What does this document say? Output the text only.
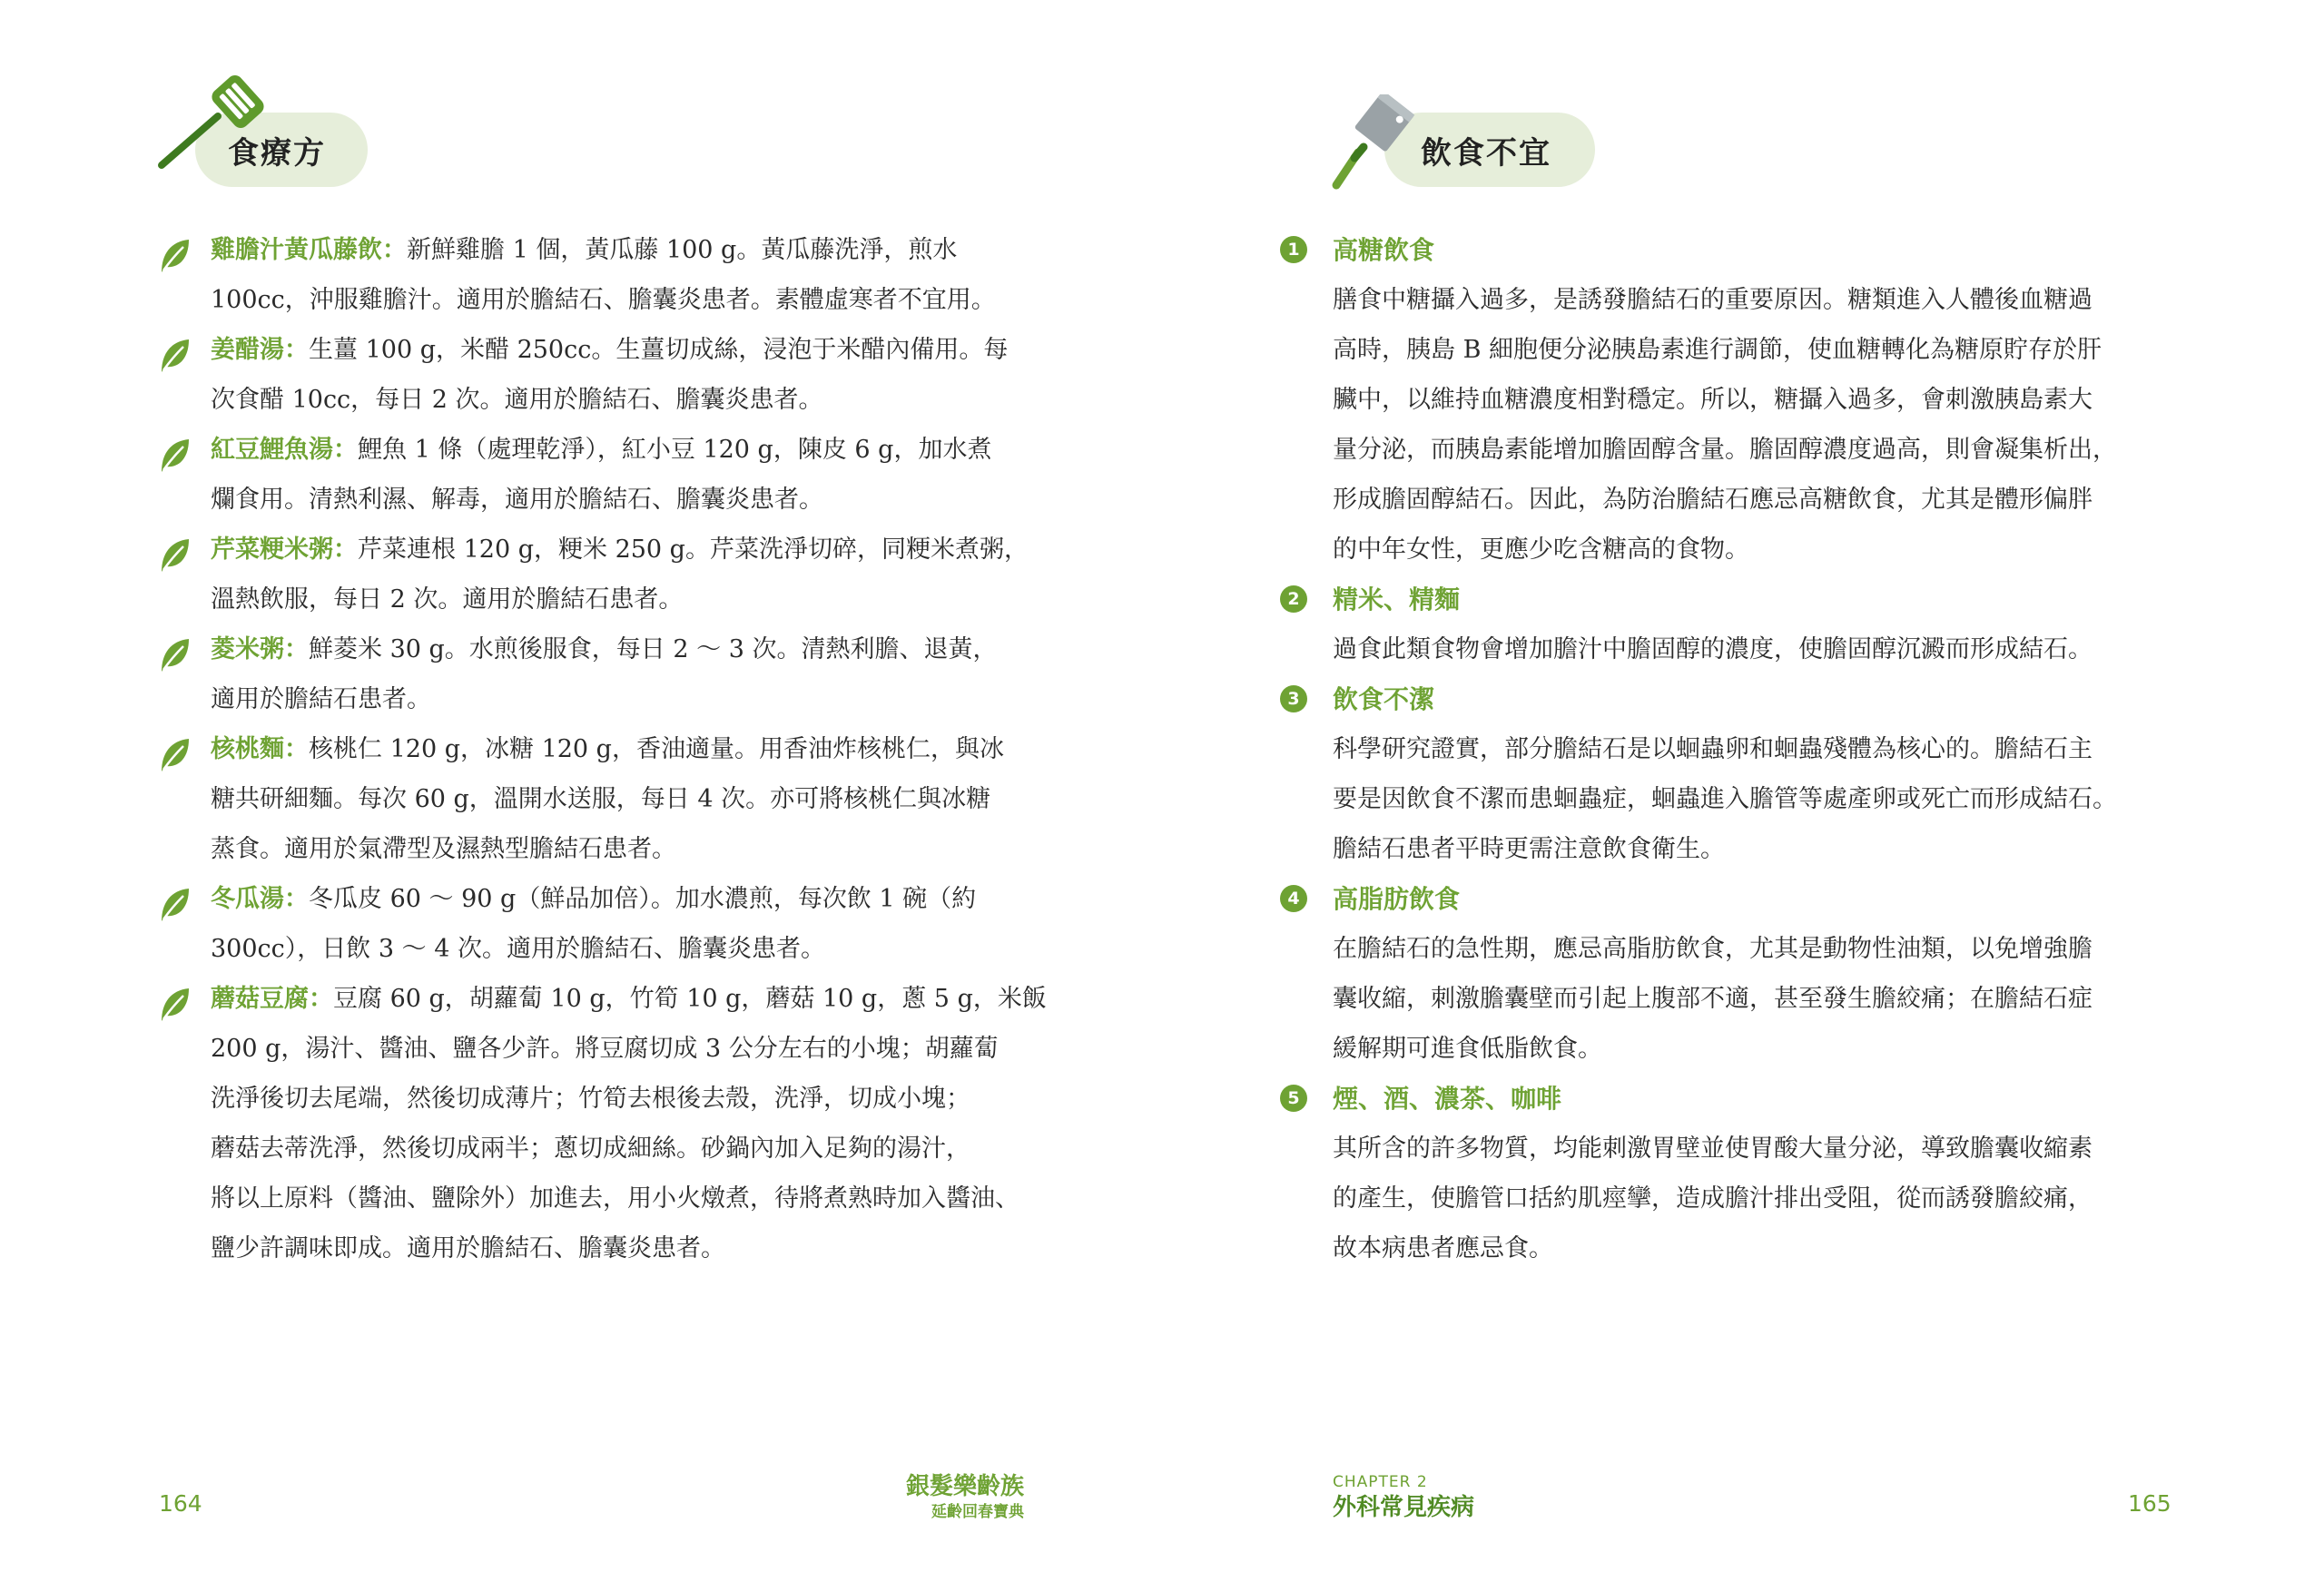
食療方
雞膽汁黃瓜藤飲：新鮮雞膽 1 個，黃瓜藤 100 g。黃瓜藤洗淨，煎水
100cc，沖服雞膽汁。適用於膽結石、膽囊炎患者。素體虛寒者不宜用。
姜醋湯：生薑 100 g，米醋 250cc。生薑切成絲，浸泡于米醋內備用。每
次食醋 10cc，每日 2 次。適用於膽結石、膽囊炎患者。
紅豆鯉魚湯：鯉魚 1 條（處理乾淨），紅小豆 120 g，陳皮 6 g，加水煮
爛食用。清熱利濕、解毒，適用於膽結石、膽囊炎患者。
芹菜粳米粥：芹菜連根 120 g，粳米 250 g。芹菜洗淨切碎，同粳米煮粥，
溫熱飲服，每日 2 次。適用於膽結石患者。
菱米粥：鮮菱米 30 g。水煎後服食，每日 2 ～ 3 次。清熱利膽、退黃，
適用於膽結石患者。
核桃麵：核桃仁 120 g，冰糖 120 g，香油適量。用香油炸核桃仁，與冰
糖共研細麵。每次 60 g，溫開水送服，每日 4 次。亦可將核桃仁與冰糖
蒸食。適用於氣滯型及濕熱型膽結石患者。
冬瓜湯：冬瓜皮 60 ～ 90 g（鮮品加倍）。加水濃煎，每次飲 1 碗（約
300cc），日飲 3 ～ 4 次。適用於膽結石、膽囊炎患者。
蘑菇豆腐：豆腐 60 g，胡蘿蔔 10 g，竹筍 10 g，蘑菇 10 g，蔥 5 g，米飯
200 g，湯汁、醬油、鹽各少許。將豆腐切成 3 公分左右的小塊；胡蘿蔔
洗淨後切去尾端，然後切成薄片；竹筍去根後去殼，洗淨，切成小塊；
蘑菇去蒂洗淨，然後切成兩半；蔥切成細絲。砂鍋內加入足夠的湯汁，
將以上原料（醬油、鹽除外）加進去，用小火燉煮，待將煮熟時加入醬油、
鹽少許調味即成。適用於膽結石、膽囊炎患者。
164
銀髮樂齡族
延齡回春寶典
飲食不宜
1 高糖飲食
膳食中糖攝入過多，是誘發膽結石的重要原因。糖類進入人體後血糖過
高時，胰島 B 細胞便分泌胰島素進行調節，使血糖轉化為糖原貯存於肝
臟中，以維持血糖濃度相對穩定。所以，糖攝入過多，會刺激胰島素大
量分泌，而胰島素能增加膽固醇含量。膽固醇濃度過高，則會凝集析出，
形成膽固醇結石。因此，為防治膽結石應忌高糖飲食，尤其是體形偏胖
的中年女性，更應少吃含糖高的食物。
2 精米、精麵
過食此類食物會增加膽汁中膽固醇的濃度，使膽固醇沉澱而形成結石。
3 飲食不潔
科學研究證實，部分膽結石是以蛔蟲卵和蛔蟲殘體為核心的。膽結石主
要是因飲食不潔而患蛔蟲症，蛔蟲進入膽管等處產卵或死亡而形成結石。
膽結石患者平時更需注意飲食衛生。
4 高脂肪飲食
在膽結石的急性期，應忌高脂肪飲食，尤其是動物性油類，以免增強膽
囊收縮，刺激膽囊壁而引起上腹部不適，甚至發生膽絞痛；在膽結石症
緩解期可進食低脂飲食。
5 煙、酒、濃茶、咖啡
其所含的許多物質，均能刺激胃壁並使胃酸大量分泌，導致膽囊收縮素
的產生，使膽管口括約肌痙攣，造成膽汁排出受阻，從而誘發膽絞痛，
故本病患者應忌食。
CHAPTER 2
外科常見疾病	165
